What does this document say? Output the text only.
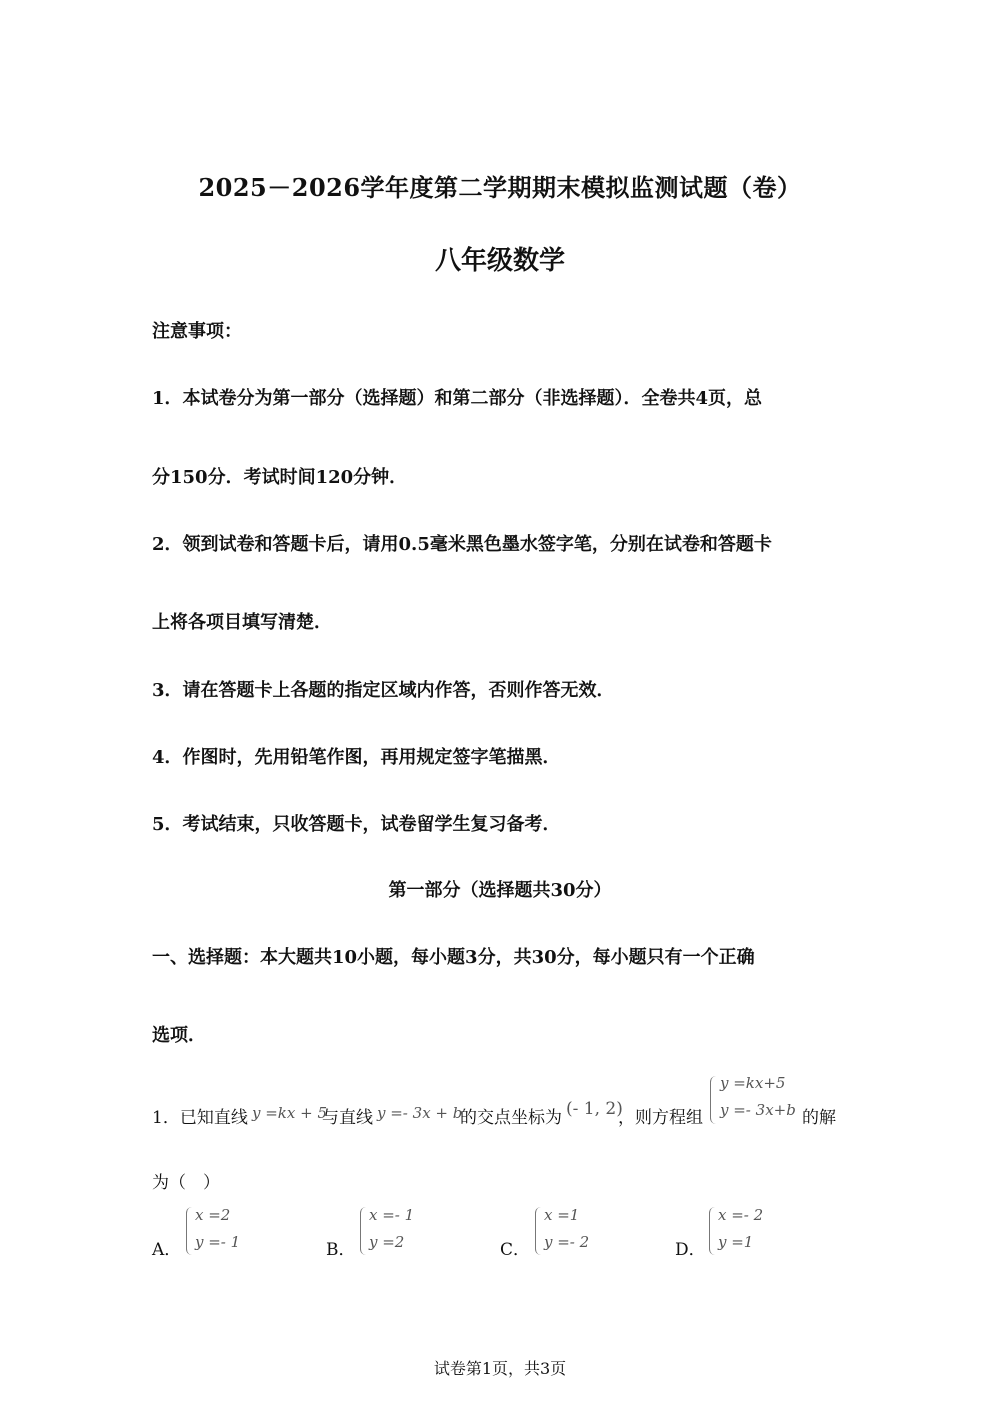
2025－2026学年度第二学期期末模拟监测试题（卷）
八年级数学
注意事项：
1．本试卷分为第一部分（选择题）和第二部分（非选择题）．全卷共4页，总
分150分．考试时间120分钟．
2．领到试卷和答题卡后，请用0.5毫米黑色墨水签字笔，分别在试卷和答题卡
上将各项目填写清楚．
3．请在答题卡上各题的指定区域内作答，否则作答无效．
4．作图时，先用铅笔作图，再用规定签字笔描黑．
5．考试结束，只收答题卡，试卷留学生复习备考．
第一部分（选择题共30分）
一、选择题：本大题共10小题，每小题3分，共30分，每小题只有一个正确
选项．
1．已知直线 y =kx + 5
与直线 y =- 3x + b
的交点坐标为 (- 1, 2)
，则方程组
y =kx+5
y =- 3x+b 的解
为（　）
A．
x =2
y =- 1	B．
x =- 1
y =2	C．
x =1
y =- 2	D．
x =- 2
y =1
试卷第1页，共3页
